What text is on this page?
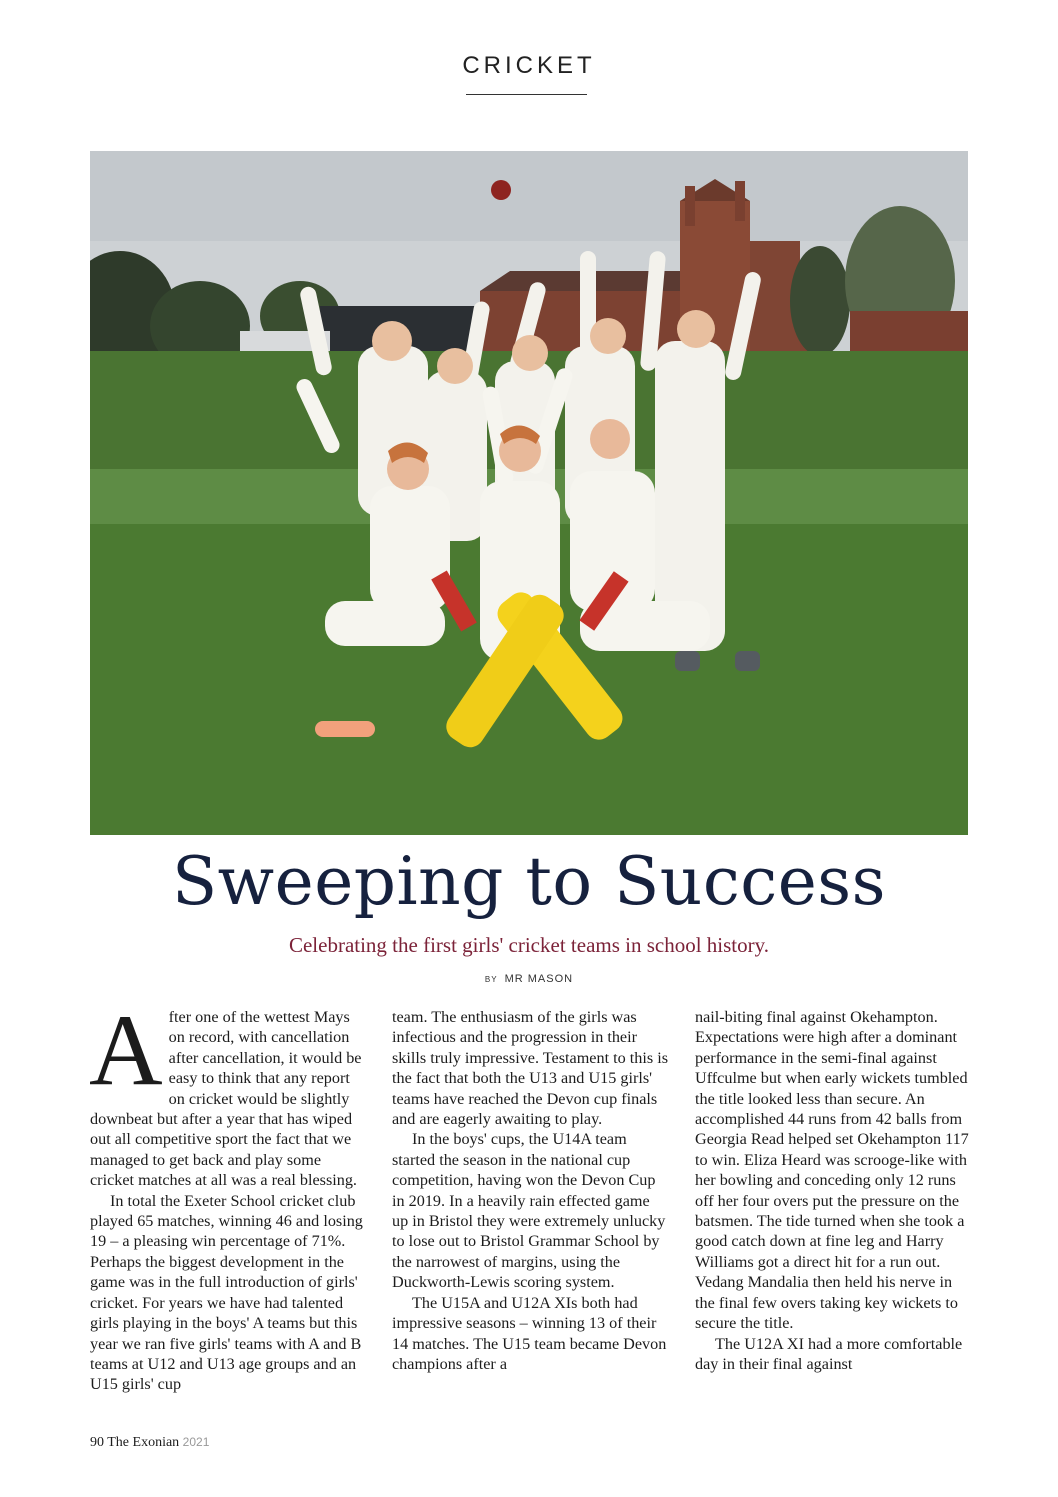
CRICKET
Sweeping to Success
Celebrating the first girls' cricket teams in school history.
BY MR MASON

After one of the wettest Mays on record, with cancellation after cancellation, it would be easy to think that any report on cricket would be slightly downbeat but after a year that has wiped out all competitive sport the fact that we managed to get back and play some cricket matches at all was a real blessing.

In total the Exeter School cricket club played 65 matches, winning 46 and losing 19 – a pleasing win percentage of 71%. Perhaps the biggest development in the game was in the full introduction of girls' cricket. For years we have had talented girls playing in the boys' A teams but this year we ran five girls' teams with A and B teams at U12 and U13 age groups and an U15 girls' cup

team. The enthusiasm of the girls was infectious and the progression in their skills truly impressive. Testament to this is the fact that both the U13 and U15 girls' teams have reached the Devon cup finals and are eagerly awaiting to play.

In the boys' cups, the U14A team started the season in the national cup competition, having won the Devon Cup in 2019. In a heavily rain effected game up in Bristol they were extremely unlucky to lose out to Bristol Grammar School by the narrowest of margins, using the Duckworth-Lewis scoring system.

The U15A and U12A XIs both had impressive seasons – winning 13 of their 14 matches. The U15 team became Devon champions after a

nail-biting final against Okehampton. Expectations were high after a dominant performance in the semi-final against Uffculme but when early wickets tumbled the title looked less than secure. An accomplished 44 runs from 42 balls from Georgia Read helped set Okehampton 117 to win. Eliza Heard was scrooge-like with her bowling and conceding only 12 runs off her four overs put the pressure on the batsmen. The tide turned when she took a good catch down at fine leg and Harry Williams got a direct hit for a run out. Vedang Mandalia then held his nerve in the final few overs taking key wickets to secure the title.

The U12A XI had a more comfortable day in their final against

90 The Exonian 2021
